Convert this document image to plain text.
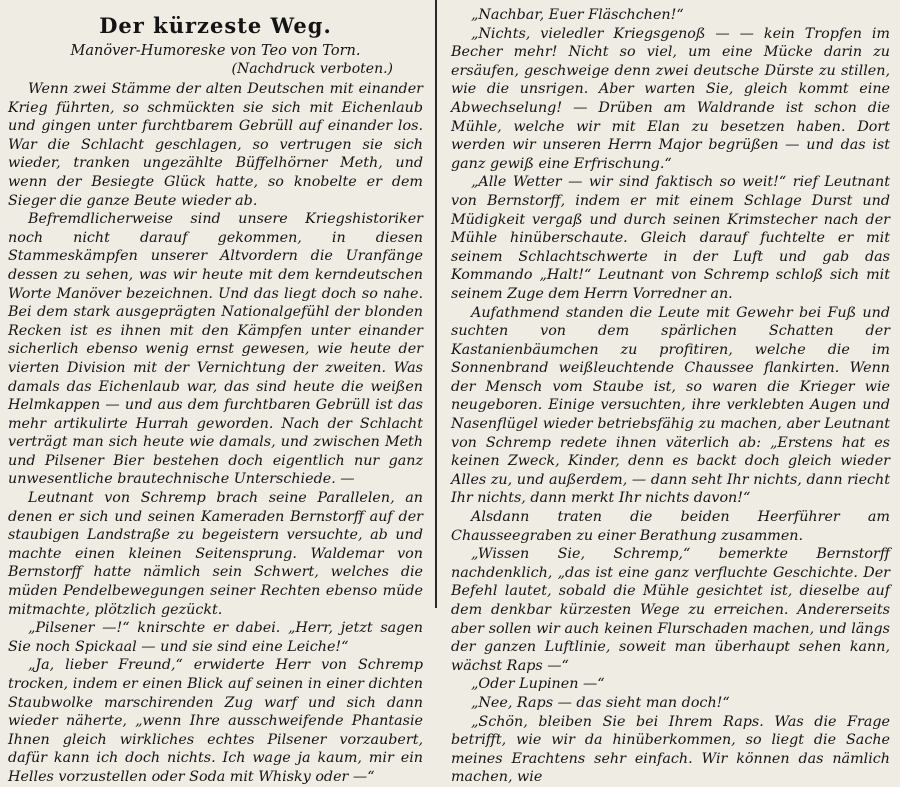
Der kürzeste Weg.

Manöver-Humoreske von Teo von Torn.

(Nachdruck verboten.)

Wenn zwei Stämme der alten Deutschen mit einander Krieg führten, so schmückten sie sich mit Eichenlaub und gingen unter furchtbarem Gebrüll auf einander los. War die Schlacht geschlagen, so vertrugen sie sich wieder, tranken ungezählte Büffelhörner Meth, und wenn der Besiegte Glück hatte, so knobelte er dem Sieger die ganze Beute wieder ab.

Befremdlicherweise sind unsere Kriegshistoriker noch nicht darauf gekommen, in diesen Stammeskämpfen unserer Altvordern die Uranfänge dessen zu sehen, was wir heute mit dem kerndeutschen Worte Manöver bezeichnen. Und das liegt doch so nahe. Bei dem stark ausgeprägten Nationalgefühl der blonden Recken ist es ihnen mit den Kämpfen unter einander sicherlich ebenso wenig ernst gewesen, wie heute der vierten Division mit der Vernichtung der zweiten. Was damals das Eichenlaub war, das sind heute die weißen Helmkappen — und aus dem furchtbaren Gebrüll ist das mehr artikulirte Hurrah geworden. Nach der Schlacht verträgt man sich heute wie damals, und zwischen Meth und Pilsener Bier bestehen doch eigentlich nur ganz unwesentliche brautechnische Unterschiede. —

Leutnant von Schremp brach seine Parallelen, an denen er sich und seinen Kameraden Bernstorff auf der staubigen Landstraße zu begeistern versuchte, ab und machte einen kleinen Seitensprung. Waldemar von Bernstorff hatte nämlich sein Schwert, welches die müden Pendelbewegungen seiner Rechten ebenso müde mitmachte, plötzlich gezückt.

„Pilsener —!“ knirschte er dabei. „Herr, jetzt sagen Sie noch Spickaal — und sie sind eine Leiche!“

„Ja, lieber Freund,“ erwiderte Herr von Schremp trocken, indem er einen Blick auf seinen in einer dichten Staubwolke marschirenden Zug warf und sich dann wieder näherte, „wenn Ihre ausschweifende Phantasie Ihnen gleich wirkliches echtes Pilsener vorzaubert, dafür kann ich doch nichts. Ich wage ja kaum, mir ein Helles vorzustellen oder Soda mit Whisky oder —“

„Nachbar, Euer Fläschchen!“

„Nichts, vieledler Kriegsgenoß — — kein Tropfen im Becher mehr! Nicht so viel, um eine Mücke darin zu ersäufen, geschweige denn zwei deutsche Dürste zu stillen, wie die unsrigen. Aber warten Sie, gleich kommt eine Abwechselung! — Drüben am Waldrande ist schon die Mühle, welche wir mit Elan zu besetzen haben. Dort werden wir unseren Herrn Major begrüßen — und das ist ganz gewiß eine Erfrischung.“

„Alle Wetter — wir sind faktisch so weit!“ rief Leutnant von Bernstorff, indem er mit einem Schlage Durst und Müdigkeit vergaß und durch seinen Krimstecher nach der Mühle hinüberschaute. Gleich darauf fuchtelte er mit seinem Schlachtschwerte in der Luft und gab das Kommando „Halt!“ Leutnant von Schremp schloß sich mit seinem Zuge dem Herrn Vorredner an.

Aufathmend standen die Leute mit Gewehr bei Fuß und suchten von dem spärlichen Schatten der Kastanienbäumchen zu profitiren, welche die im Sonnenbrand weißleuchtende Chaussee flankirten. Wenn der Mensch vom Staube ist, so waren die Krieger wie neugeboren. Einige versuchten, ihre verklebten Augen und Nasenflügel wieder betriebsfähig zu machen, aber Leutnant von Schremp redete ihnen väterlich ab: „Erstens hat es keinen Zweck, Kinder, denn es backt doch gleich wieder Alles zu, und außerdem, — dann seht Ihr nichts, dann riecht Ihr nichts, dann merkt Ihr nichts davon!“

Alsdann traten die beiden Heerführer am Chausseegraben zu einer Berathung zusammen.

„Wissen Sie, Schremp,“ bemerkte Bernstorff nachdenklich, „das ist eine ganz verfluchte Geschichte. Der Befehl lautet, sobald die Mühle gesichtet ist, dieselbe auf dem denkbar kürzesten Wege zu erreichen. Andererseits aber sollen wir auch keinen Flurschaden machen, und längs der ganzen Luftlinie, soweit man überhaupt sehen kann, wächst Raps —“

„Oder Lupinen —“

„Nee, Raps — das sieht man doch!“

„Schön, bleiben Sie bei Ihrem Raps. Was die Frage betrifft, wie wir da hinüberkommen, so liegt die Sache meines Erachtens sehr einfach. Wir können das nämlich machen, wie
